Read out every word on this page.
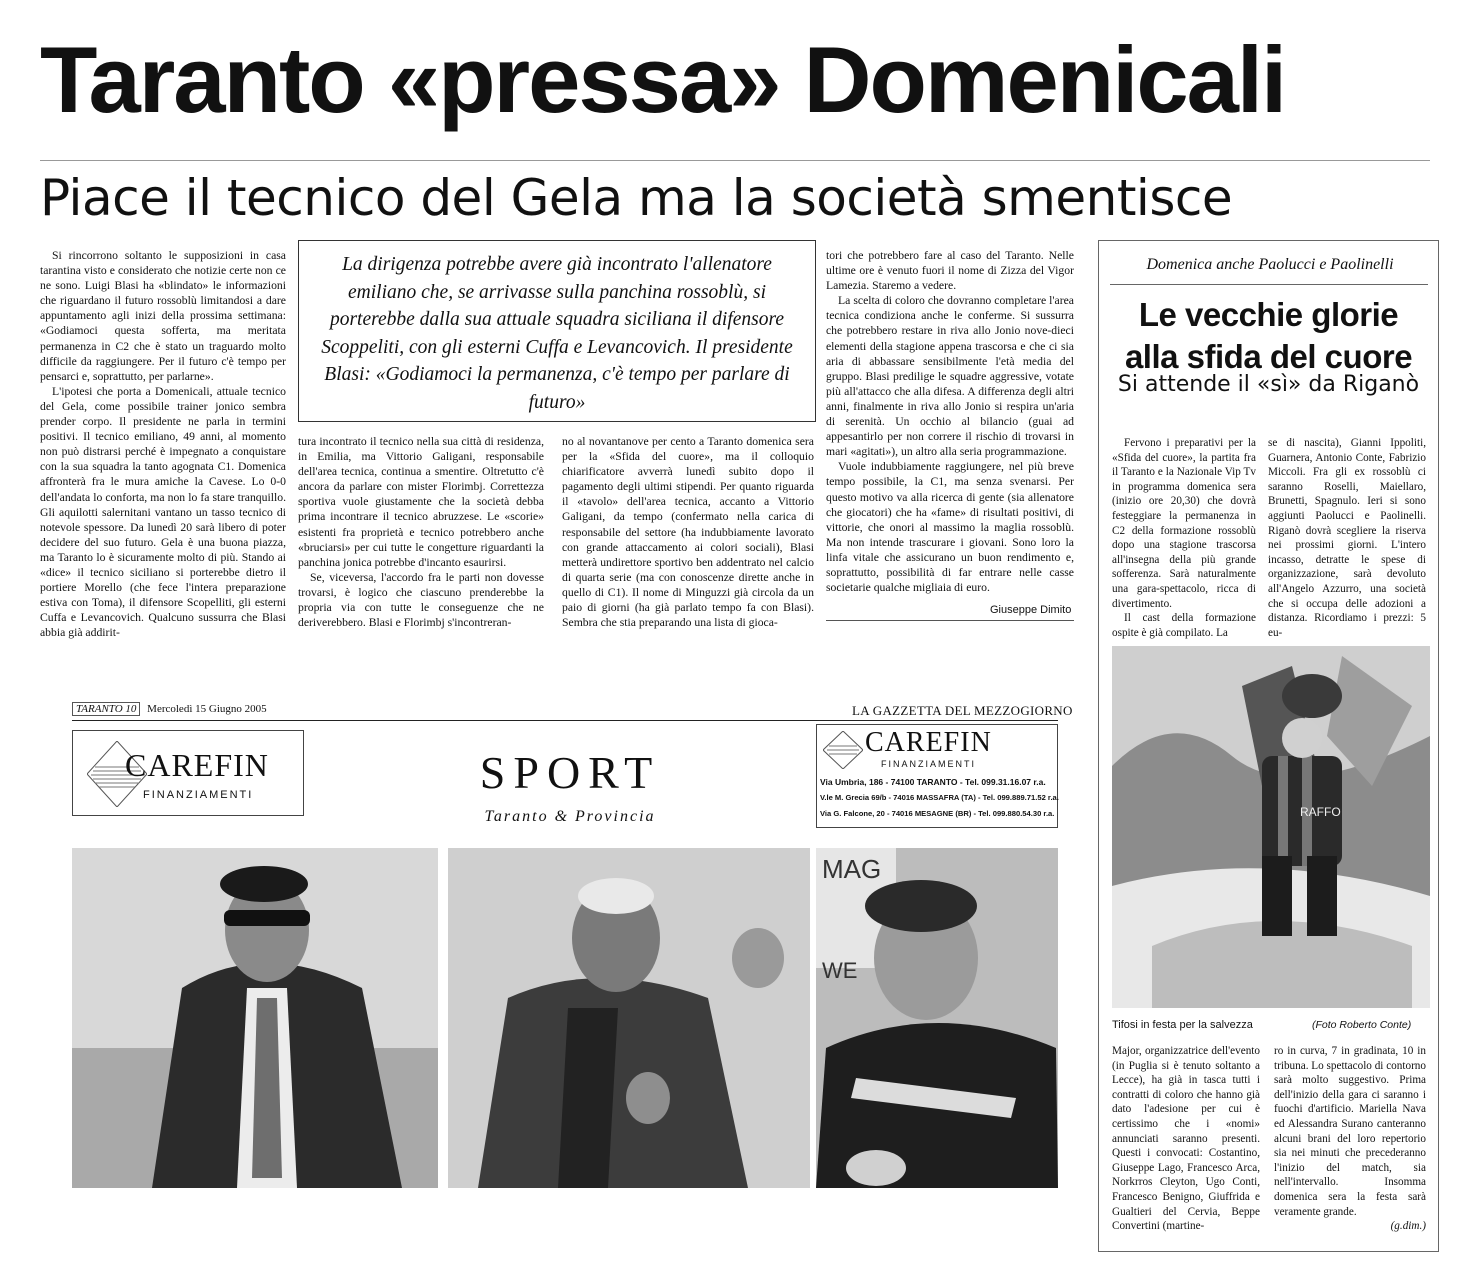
Taranto «pressa» Domenicali
Piace il tecnico del Gela ma la società smentisce

Si rincorrono soltanto le supposizioni in casa tarantina visto e considerato che notizie certe non ce ne sono. Luigi Blasi ha «blindato» le informazioni che riguardano il futuro rossoblù limitandosi a dare appuntamento agli inizi della prossima settimana: «Godiamoci questa sofferta, ma meritata permanenza in C2 che è stato un traguardo molto difficile da raggiungere. Per il futuro c'è tempo per pensarci e, soprattutto, per parlarne».

L'ipotesi che porta a Domenicali, attuale tecnico del Gela, come possibile trainer jonico sembra prender corpo. Il presidente ne parla in termini positivi. Il tecnico emiliano, 49 anni, al momento non può distrarsi perché è impegnato a conquistare con la sua squadra la tanto agognata C1. Domenica affronterà fra le mura amiche la Cavese. Lo 0-0 dell'andata lo conforta, ma non lo fa stare tranquillo. Gli aquilotti salernitani vantano un tasso tecnico di notevole spessore. Da lunedì 20 sarà libero di poter decidere del suo futuro. Gela è una buona piazza, ma Taranto lo è sicuramente molto di più. Stando ai «dice» il tecnico siciliano si porterebbe dietro il portiere Morello (che fece l'intera preparazione estiva con Toma), il difensore Scopelliti, gli esterni Cuffa e Levancovich. Qualcuno sussurra che Blasi abbia già addirit-

La dirigenza potrebbe avere già incontrato l'allenatore emiliano che, se arrivasse sulla panchina rossoblù, si porterebbe dalla sua attuale squadra siciliana il difensore Scoppeliti, con gli esterni Cuffa e Levancovich. Il presidente Blasi: «Godiamoci la permanenza, c'è tempo per parlare di futuro»

tura incontrato il tecnico nella sua città di residenza, in Emilia, ma Vittorio Galigani, responsabile dell'area tecnica, continua a smentire. Oltretutto c'è ancora da parlare con mister Florimbj. Correttezza sportiva vuole giustamente che la società debba prima incontrare il tecnico abruzzese. Le «scorie» esistenti fra proprietà e tecnico potrebbero anche «bruciarsi» per cui tutte le congetture riguardanti la panchina jonica potrebbe d'incanto esaurirsi.

Se, viceversa, l'accordo fra le parti non dovesse trovarsi, è logico che ciascuno prenderebbe la propria via con tutte le conseguenze che ne deriverebbero. Blasi e Florimbj s'incontreran-

no al novantanove per cento a Taranto domenica sera per la «Sfida del cuore», ma il colloquio chiarificatore avverrà lunedì subito dopo il pagamento degli ultimi stipendi. Per quanto riguarda il «tavolo» dell'area tecnica, accanto a Vittorio Galigani, da tempo (confermato nella carica di responsabile del settore (ha indubbiamente lavorato con grande attaccamento ai colori sociali), Blasi metterà undirettore sportivo ben addentrato nel calcio di quarta serie (ma con conoscenze dirette anche in quello di C1). Il nome di Minguzzi già circola da un paio di giorni (ha già parlato tempo fa con Blasi). Sembra che stia preparando una lista di gioca-

tori che potrebbero fare al caso del Taranto. Nelle ultime ore è venuto fuori il nome di Zizza del Vigor Lamezia. Staremo a vedere.

La scelta di coloro che dovranno completare l'area tecnica condiziona anche le conferme. Si sussurra che potrebbero restare in riva allo Jonio nove-dieci elementi della stagione appena trascorsa e che ci sia aria di abbassare sensibilmente l'età media del gruppo. Blasi predilige le squadre aggressive, votate più all'attacco che alla difesa. A differenza degli altri anni, finalmente in riva allo Jonio si respira un'aria di serenità. Un occhio al bilancio (guai ad appesantirlo per non correre il rischio di trovarsi in mari «agitati»), un altro alla seria programmazione.

Vuole indubbiamente raggiungere, nel più breve tempo possibile, la C1, ma senza svenarsi. Per questo motivo va alla ricerca di gente (sia allenatore che giocatori) che ha «fame» di risultati positivi, di vittorie, che onori al massimo la maglia rossoblù. Ma non intende trascurare i giovani. Sono loro la linfa vitale che assicurano un buon rendimento e, soprattutto, possibilità di far entrare nelle casse societarie qualche migliaia di euro.

Giuseppe Dimito
Domenica anche Paolucci e Paolinelli
Le vecchie glorie
alla sfida del cuore
Si attende il «sì» da Riganò

Fervono i preparativi per la «Sfida del cuore», la partita fra il Taranto e la Nazionale Vip Tv in programma domenica sera (inizio ore 20,30) che dovrà festeggiare la permanenza in C2 della formazione rossoblù dopo una stagione trascorsa all'insegna della più grande sofferenza. Sarà naturalmente una gara-spettacolo, ricca di divertimento.

Il cast della formazione ospite è già compilato. La

se di nascita), Gianni Ippoliti, Guarnera, Antonio Conte, Fabrizio Miccoli. Fra gli ex rossoblù ci saranno Roselli, Maiellaro, Brunetti, Spagnulo. Ieri si sono aggiunti Paolucci e Paolinelli. Riganò dovrà scegliere la riserva nei prossimi giorni. L'intero incasso, detratte le spese di organizzazione, sarà devoluto all'Angelo Azzurro, una società che si occupa delle adozioni a distanza. Ricordiamo i prezzi: 5 eu-

RAFFO
Tifosi in festa per la salvezza	(Foto Roberto Conte)

Major, organizzatrice dell'evento (in Puglia si è tenuto soltanto a Lecce), ha già in tasca tutti i contratti di coloro che hanno già dato l'adesione per cui è certissimo che i «nomi» annunciati saranno presenti. Questi i convocati: Costantino, Giuseppe Lago, Francesco Arca, Norkrros Cleyton, Ugo Conti, Francesco Benigno, Giuffrida e Gualtieri del Cervia, Beppe Convertini (martine-

ro in curva, 7 in gradinata, 10 in tribuna. Lo spettacolo di contorno sarà molto suggestivo. Prima dell'inizio della gara ci saranno i fuochi d'artificio. Mariella Nava ed Alessandra Surano canteranno alcuni brani del loro repertorio sia nei minuti che precederanno l'inizio del match, sia nell'intervallo. Insomma domenica sera la festa sarà veramente grande.

(g.dim.)

TARANTO 10 Mercoledì 15 Giugno 2005	LA GAZZETTA DEL MEZZOGIORNO
CAREFIN
FINANZIAMENTI	SPORT
Taranto & Provincia
CAREFIN
FINANZIAMENTI
Via Umbria, 186 - 74100 TARANTO - Tel. 099.31.16.07 r.a.
V.le M. Grecia 69/b - 74016 MASSAFRA (TA) - Tel. 099.889.71.52 r.a.
Via G. Falcone, 20 - 74016 MESAGNE (BR) - Tel. 099.880.54.30 r.a.
MAG
WE
